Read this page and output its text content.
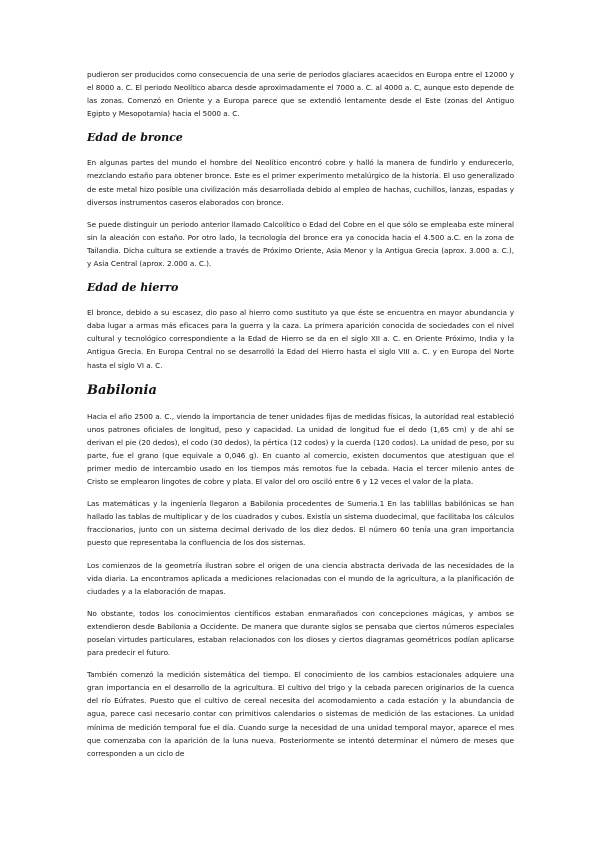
pudieron ser producidos como consecuencia de una serie de periodos glaciares acaecidos en Europa entre el 12000 y el 8000 a. C. El periodo Neolítico abarca desde aproximadamente el 7000 a. C. al 4000 a. C, aunque esto depende de las zonas. Comenzó en Oriente y a Europa parece que se extendió lentamente desde el Este (zonas del Antiguo Egipto y Mesopotamia) hacia el 5000 a. C.

Edad de bronce

En algunas partes del mundo el hombre del Neolítico encontró cobre y halló la manera de fundirlo y endurecerlo, mezclando estaño para obtener bronce. Este es el primer experimento metalúrgico de la historia. El uso generalizado de este metal hizo posible una civilización más desarrollada debido al empleo de hachas, cuchillos, lanzas, espadas y diversos instrumentos caseros elaborados con bronce.

Se puede distinguir un periodo anterior llamado Calcolítico o Edad del Cobre en el que sólo se empleaba este mineral sin la aleación con estaño. Por otro lado, la tecnología del bronce era ya conocida hacia el 4.500 a.C. en la zona de Tailandia. Dicha cultura se extiende a través de Próximo Oriente, Asia Menor y la Antigua Grecia (aprox. 3.000 a. C.), y Asia Central (aprox. 2.000 a. C.).

Edad de hierro

El bronce, debido a su escasez, dio paso al hierro como sustituto ya que éste se encuentra en mayor abundancia y daba lugar a armas más eficaces para la guerra y la caza. La primera aparición conocida de sociedades con el nivel cultural y tecnológico correspondiente a la Edad de Hierro se da en el siglo XII a. C. en Oriente Próximo, India y la Antigua Grecia. En Europa Central no se desarrolló la Edad del Hierro hasta el siglo VIII a. C. y en Europa del Norte hasta el siglo VI a. C.

Babilonia

Hacia el año 2500 a. C., viendo la importancia de tener unidades fijas de medidas físicas, la autoridad real estableció unos patrones oficiales de longitud, peso y capacidad. La unidad de longitud fue el dedo (1,65 cm) y de ahí se derivan el pie (20 dedos), el codo (30 dedos), la pértica (12 codos) y la cuerda (120 codos). La unidad de peso, por su parte, fue el grano (que equivale a 0,046 g). En cuanto al comercio, existen documentos que atestiguan que el primer medio de intercambio usado en los tiempos más remotos fue la cebada. Hacia el tercer milenio antes de Cristo se emplearon lingotes de cobre y plata. El valor del oro osciló entre 6 y 12 veces el valor de la plata.

Las matemáticas y la ingeniería llegaron a Babilonia procedentes de Sumeria.1 En las tablillas babilónicas se han hallado las tablas de multiplicar y de los cuadrados y cubos. Existía un sistema duodecimal, que facilitaba los cálculos fraccionarios, junto con un sistema decimal derivado de los diez dedos. El número 60 tenía una gran importancia puesto que representaba la confluencia de los dos sistemas.

Los comienzos de la geometría ilustran sobre el origen de una ciencia abstracta derivada de las necesidades de la vida diaria. La encontramos aplicada a mediciones relacionadas con el mundo de la agricultura, a la planificación de ciudades y a la elaboración de mapas.

No obstante, todos los conocimientos científicos estaban enmarañados con concepciones mágicas, y ambos se extendieron desde Babilonia a Occidente. De manera que durante siglos se pensaba que ciertos números especiales poseían virtudes particulares, estaban relacionados con los dioses y ciertos diagramas geométricos podían aplicarse para predecir el futuro.

También comenzó la medición sistemática del tiempo. El conocimiento de los cambios estacionales adquiere una gran importancia en el desarrollo de la agricultura. El cultivo del trigo y la cebada parecen originarios de la cuenca del río Eúfrates. Puesto que el cultivo de cereal necesita del acomodamiento a cada estación y la abundancia de agua, parece casi necesario contar con primitivos calendarios o sistemas de medición de las estaciones. La unidad mínima de medición temporal fue el día. Cuando surge la necesidad de una unidad temporal mayor, aparece el mes que comenzaba con la aparición de la luna nueva. Posteriormente se intentó determinar el número de meses que corresponden a un ciclo de
